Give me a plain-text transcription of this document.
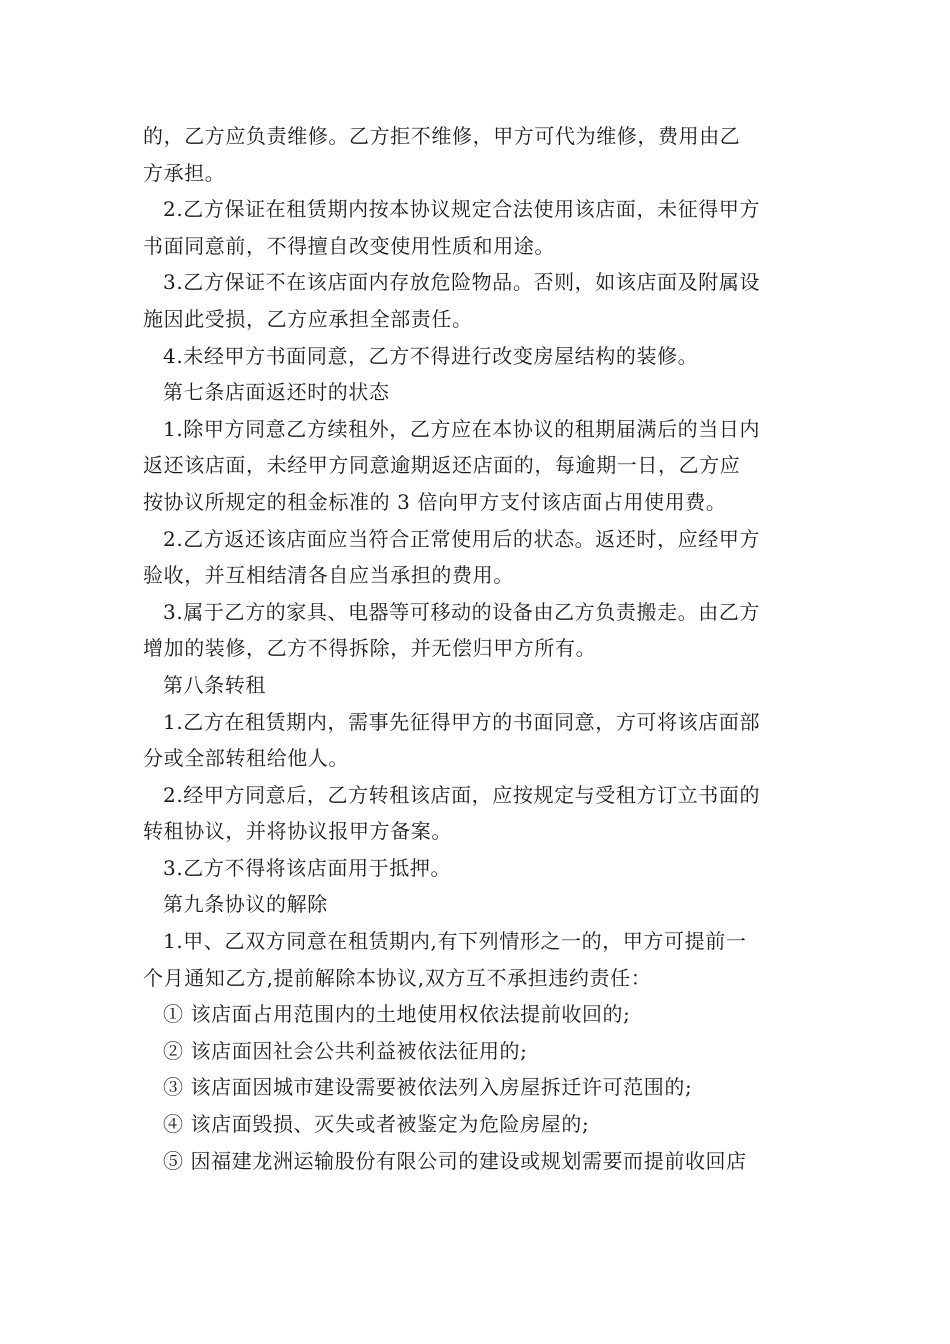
的，乙方应负责维修。乙方拒不维修，甲方可代为维修，费用由乙

方承担。

2.乙方保证在租赁期内按本协议规定合法使用该店面，未征得甲方

书面同意前，不得擅自改变使用性质和用途。

3.乙方保证不在该店面内存放危险物品。否则，如该店面及附属设

施因此受损，乙方应承担全部责任。

4.未经甲方书面同意，乙方不得进行改变房屋结构的装修。

第七条店面返还时的状态

1.除甲方同意乙方续租外，乙方应在本协议的租期届满后的当日内

返还该店面，未经甲方同意逾期返还店面的，每逾期一日，乙方应

按协议所规定的租金标准的 3 倍向甲方支付该店面占用使用费。

2.乙方返还该店面应当符合正常使用后的状态。返还时，应经甲方

验收，并互相结清各自应当承担的费用。

3.属于乙方的家具、电器等可移动的设备由乙方负责搬走。由乙方

增加的装修，乙方不得拆除，并无偿归甲方所有。

第八条转租

1.乙方在租赁期内，需事先征得甲方的书面同意，方可将该店面部

分或全部转租给他人。

2.经甲方同意后，乙方转租该店面，应按规定与受租方订立书面的

转租协议，并将协议报甲方备案。

3.乙方不得将该店面用于抵押。

第九条协议的解除

1.甲、乙双方同意在租赁期内,有下列情形之一的，甲方可提前一

个月通知乙方,提前解除本协议,双方互不承担违约责任：

① 该店面占用范围内的土地使用权依法提前收回的;

② 该店面因社会公共利益被依法征用的;

③ 该店面因城市建设需要被依法列入房屋拆迁许可范围的;

④ 该店面毁损、灭失或者被鉴定为危险房屋的;

⑤ 因福建龙洲运输股份有限公司的建设或规划需要而提前收回店
